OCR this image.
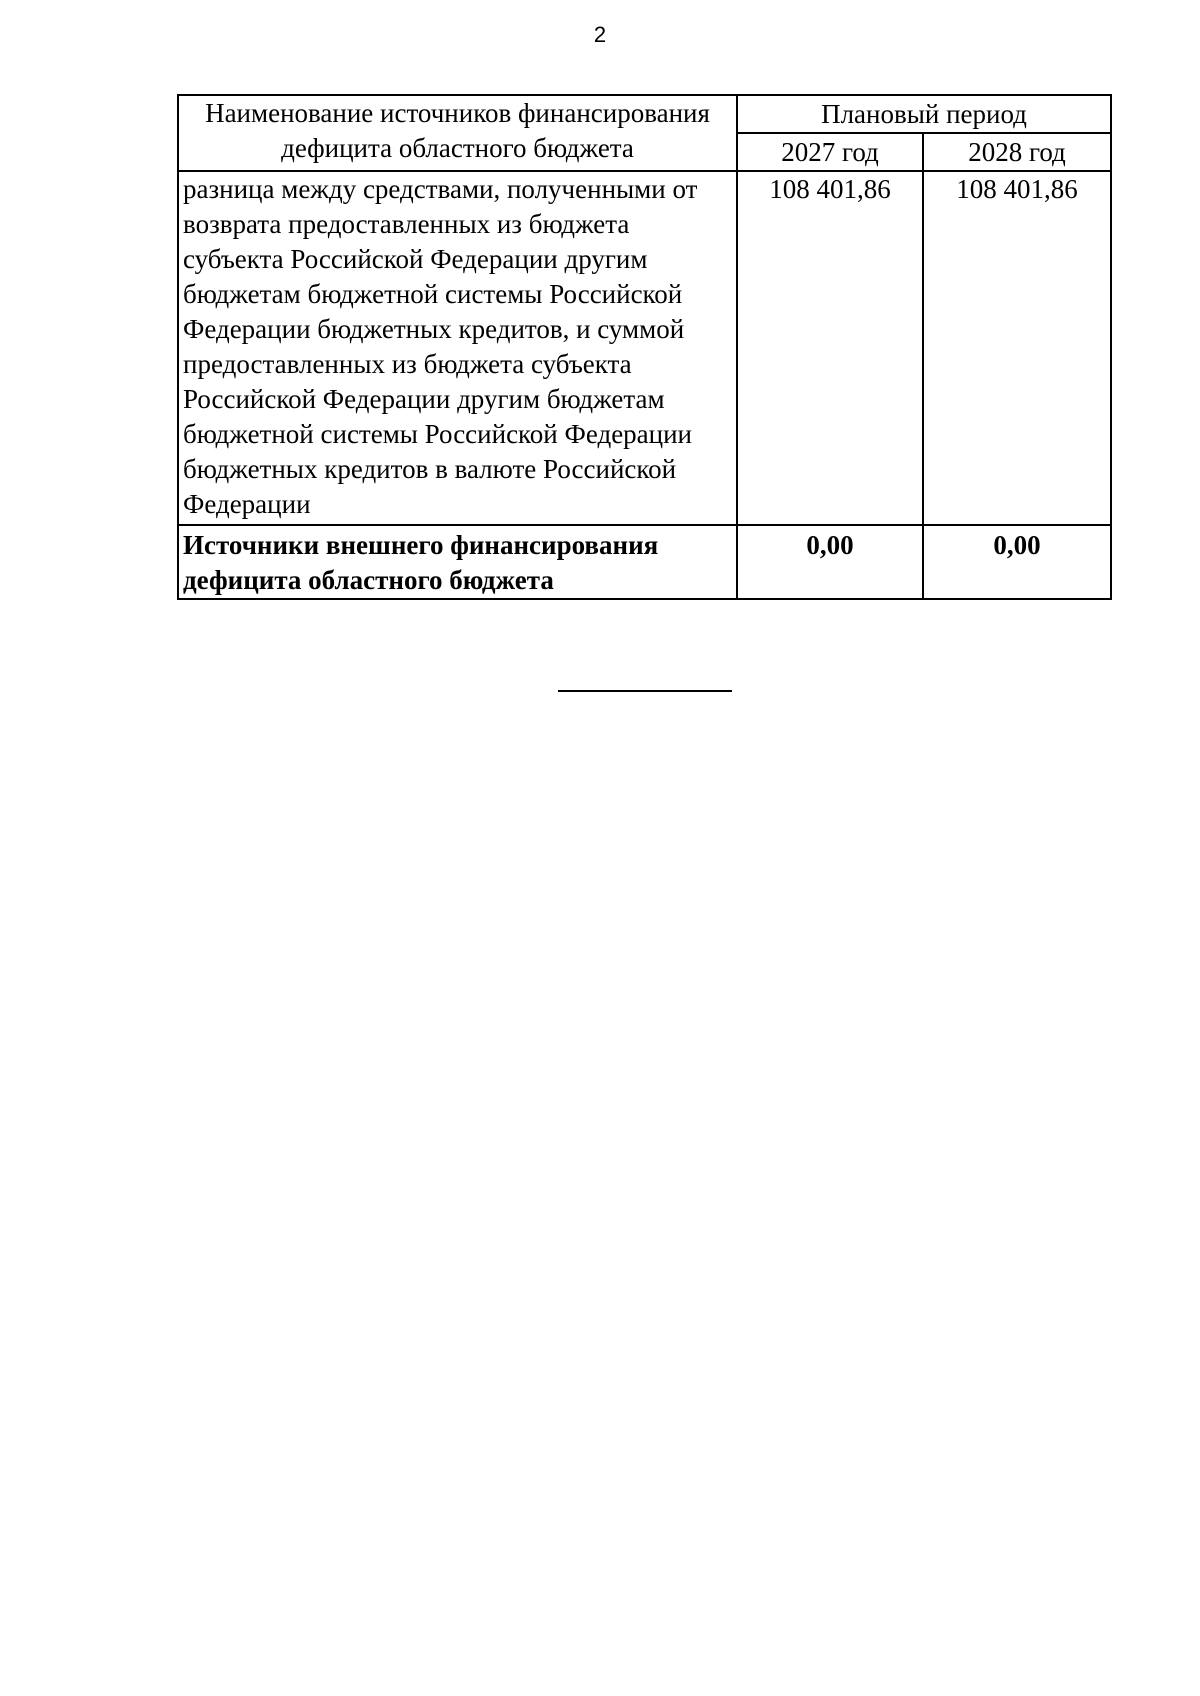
2
Наименование источников финансирования дефицита областного бюджета	Плановый период	
	2027 год	2028 год
разница между средствами, полученными от возврата предоставленных из бюджета субъекта Российской Федерации другим бюджетам бюджетной системы Российской Федерации бюджетных кредитов, и суммой предоставленных из бюджета субъекта Российской Федерации другим бюджетам бюджетной системы Российской Федерации бюджетных кредитов в валюте Российской Федерации	108 401,86	108 401,86
Источники внешнего финансирования дефицита областного бюджета	0,00	0,00
